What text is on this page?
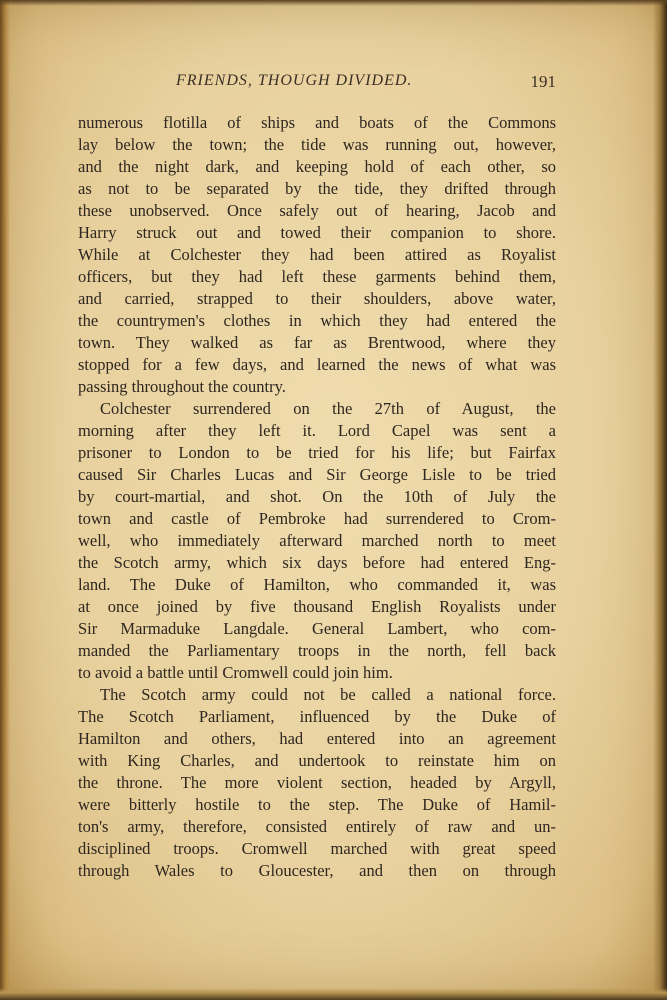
FRIENDS, THOUGH DIVIDED.	191
numerous flotilla of ships and boats of the Commons
lay below the town; the tide was running out, however,
and the night dark, and keeping hold of each other, so
as not to be separated by the tide, they drifted through
these unobserved. Once safely out of hearing, Jacob and
Harry struck out and towed their companion to shore.
While at Colchester they had been attired as Royalist
officers, but they had left these garments behind them,
and carried, strapped to their shoulders, above water,
the countrymen's clothes in which they had entered the
town. They walked as far as Brentwood, where they
stopped for a few days, and learned the news of what was
passing throughout the country.
Colchester surrendered on the 27th of August, the
morning after they left it. Lord Capel was sent a
prisoner to London to be tried for his life; but Fairfax
caused Sir Charles Lucas and Sir George Lisle to be tried
by court-martial, and shot. On the 10th of July the
town and castle of Pembroke had surrendered to Crom-
well, who immediately afterward marched north to meet
the Scotch army, which six days before had entered Eng-
land. The Duke of Hamilton, who commanded it, was
at once joined by five thousand English Royalists under
Sir Marmaduke Langdale. General Lambert, who com-
manded the Parliamentary troops in the north, fell back
to avoid a battle until Cromwell could join him.
The Scotch army could not be called a national force.
The Scotch Parliament, influenced by the Duke of
Hamilton and others, had entered into an agreement
with King Charles, and undertook to reinstate him on
the throne. The more violent section, headed by Argyll,
were bitterly hostile to the step. The Duke of Hamil-
ton's army, therefore, consisted entirely of raw and un-
disciplined troops. Cromwell marched with great speed
through Wales to Gloucester, and then on through
